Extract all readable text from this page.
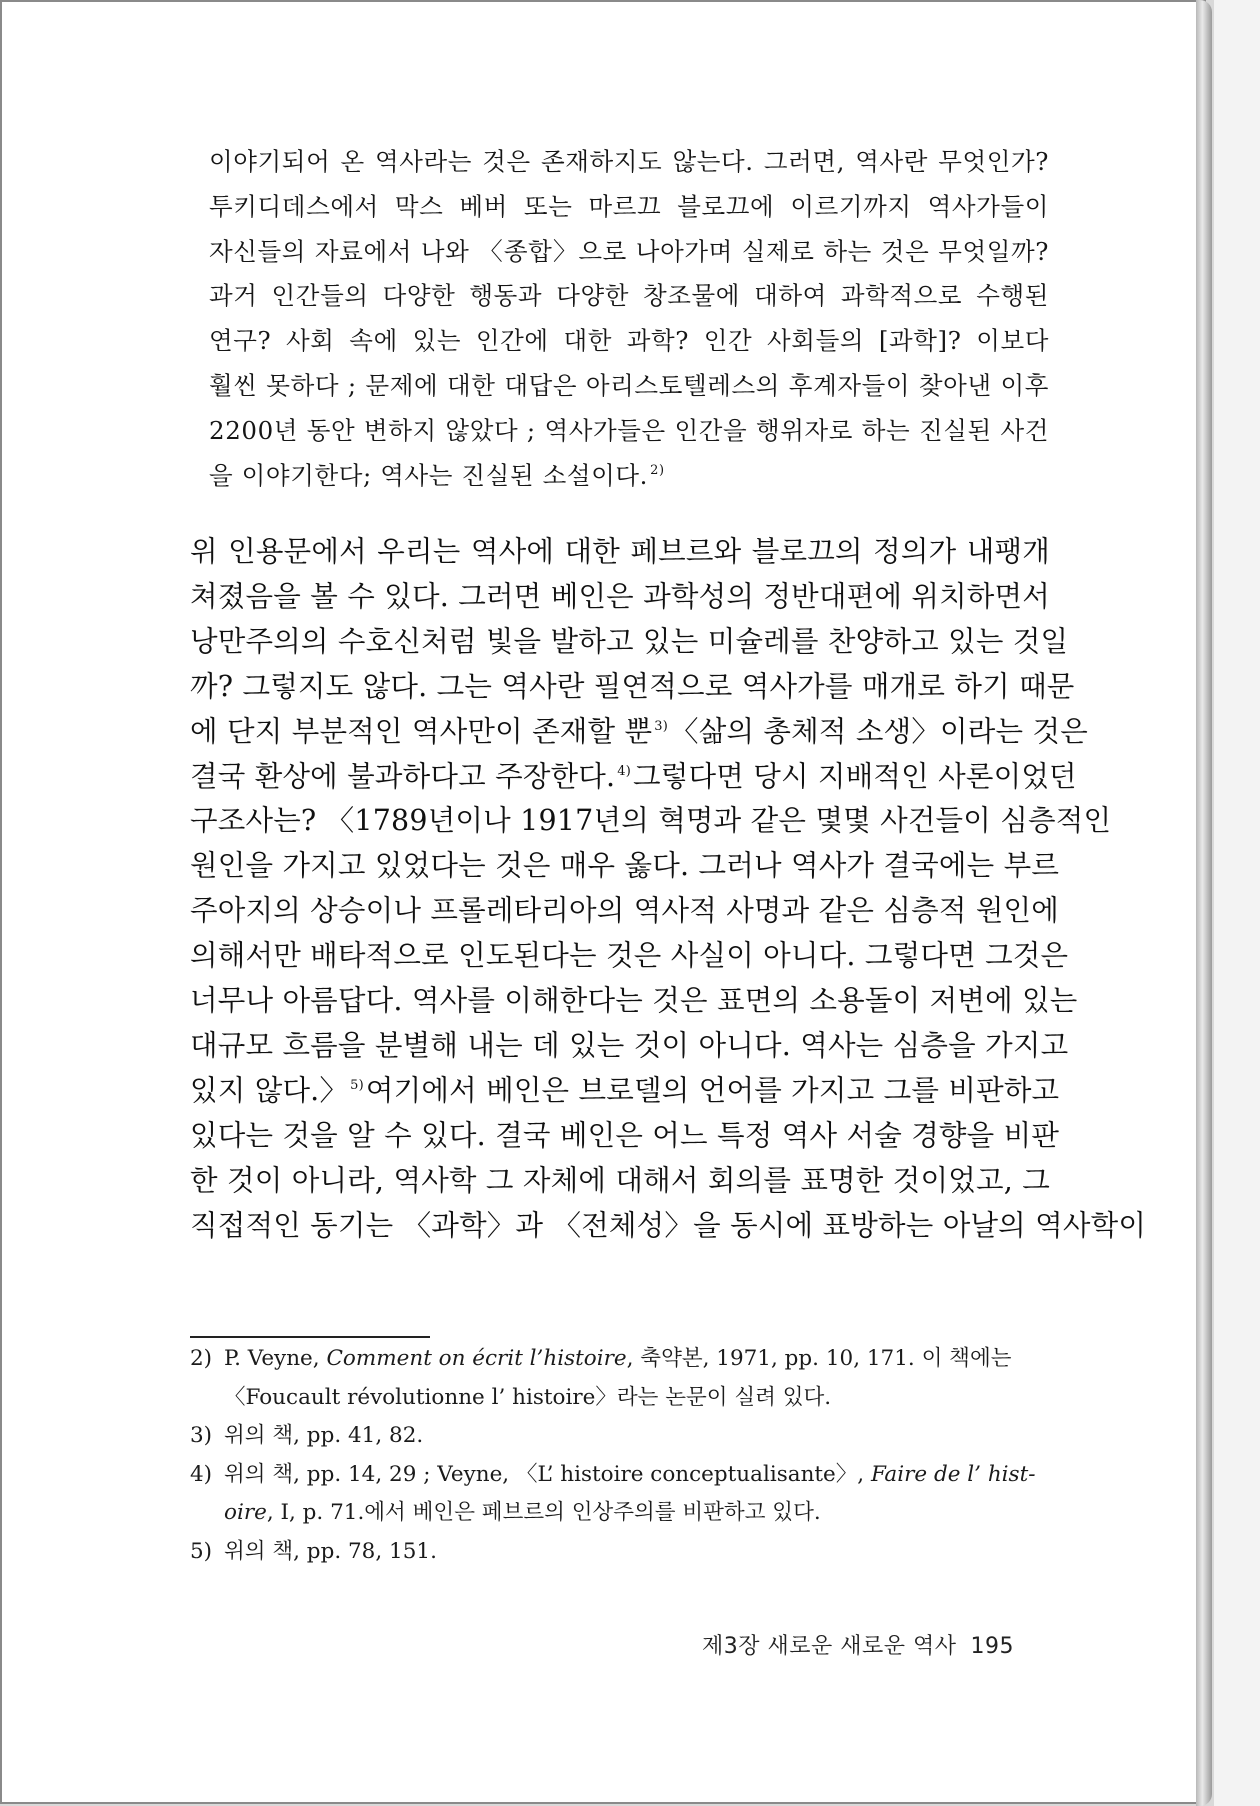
이야기되어 온 역사라는 것은 존재하지도 않는다. 그러면, 역사란 무엇인가?
투키디데스에서 막스 베버 또는 마르끄 블로끄에 이르기까지 역사가들이
자신들의 자료에서 나와 〈종합〉으로 나아가며 실제로 하는 것은 무엇일까?
과거 인간들의 다양한 행동과 다양한 창조물에 대하여 과학적으로 수행된
연구? 사회 속에 있는 인간에 대한 과학? 인간 사회들의 [과학]? 이보다
훨씬 못하다 ; 문제에 대한 대답은 아리스토텔레스의 후계자들이 찾아낸 이후
2200년 동안 변하지 않았다 ; 역사가들은 인간을 행위자로 하는 진실된 사건
을 이야기한다; 역사는 진실된 소설이다. $^{2)}$
위 인용문에서 우리는 역사에 대한 페브르와 블로끄의 정의가 내팽개
쳐졌음을 볼 수 있다. 그러면 베인은 과학성의 정반대편에 위치하면서
낭만주의의 수호신처럼 빛을 발하고 있는 미슐레를 찬양하고 있는 것일
까? 그렇지도 않다. 그는 역사란 필연적으로 역사가를 매개로 하기 때문
에 단지 부분적인 역사만이 존재할 뿐 $^{3)}$〈삶의 총체적 소생〉이라는 것은
결국 환상에 불과하다고 주장한다. $^{4)}$그렇다면 당시 지배적인 사론이었던
구조사는? 〈1789년이나 1917년의 혁명과 같은 몇몇 사건들이 심층적인
원인을 가지고 있었다는 것은 매우 옳다. 그러나 역사가 결국에는 부르
주아지의 상승이나 프롤레타리아의 역사적 사명과 같은 심층적 원인에
의해서만 배타적으로 인도된다는 것은 사실이 아니다. 그렇다면 그것은
너무나 아름답다. 역사를 이해한다는 것은 표면의 소용돌이 저변에 있는
대규모 흐름을 분별해 내는 데 있는 것이 아니다. 역사는 심층을 가지고
있지 않다.〉 $^{5)}$여기에서 베인은 브로델의 언어를 가지고 그를 비판하고
있다는 것을 알 수 있다. 결국 베인은 어느 특정 역사 서술 경향을 비판
한 것이 아니라, 역사학 그 자체에 대해서 회의를 표명한 것이었고, 그
직접적인 동기는 〈과학〉과 〈전체성〉을 동시에 표방하는 아날의 역사학이
2) P. Veyne, Comment on écrit l’histoire, 축약본, 1971, pp. 10, 171. 이 책에는
〈Foucault révolutionne l’ histoire〉라는 논문이 실려 있다.
3) 위의 책, pp. 41, 82.
4) 위의 책, pp. 14, 29 ; Veyne, 〈L’ histoire conceptualisante〉, Faire de l’ hist-
oire, Ⅰ, p. 71.에서 베인은 페브르의 인상주의를 비판하고 있다.
5) 위의 책, pp. 78, 151.
제3장 새로운 새로운 역사 195
